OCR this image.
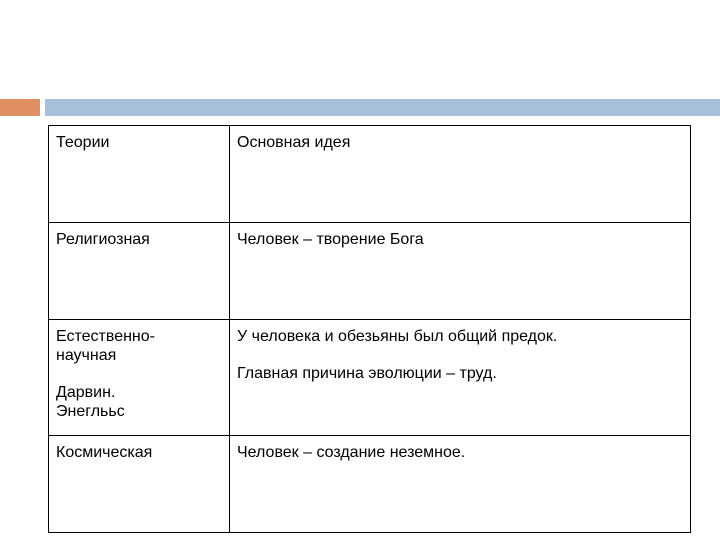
Теории	Основная идея
Религиозная	Человек – творение Бога

Естественно-
научная
Дарвин.
Энеглььс	У человека и обезьяны был общий предок.
Главная причина эволюции – труд.

Космическая	Человек – создание неземное.
